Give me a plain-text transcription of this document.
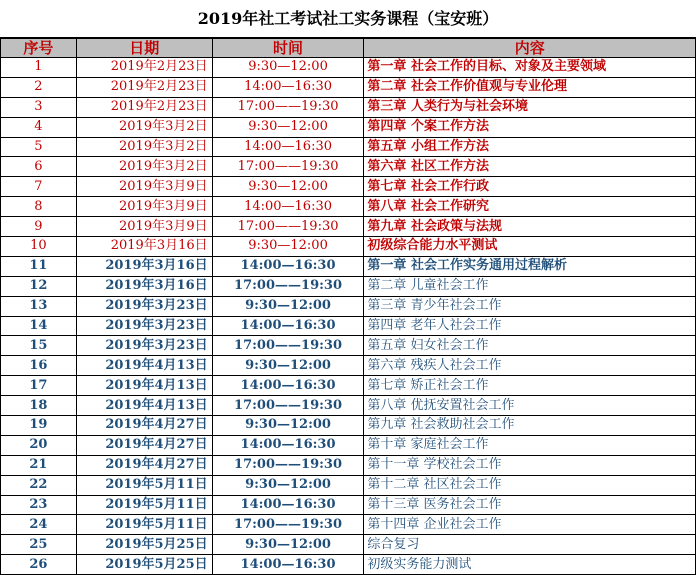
2019年社工考试社工实务课程（宝安班）
序号	日期	时间	内容
1	2019年2月23日	9:30—12:00	第一章 社会工作的目标、对象及主要领域
2	2019年2月23日	14:00—16:30	第二章 社会工作价值观与专业伦理
3	2019年2月23日	17:00——19:30	第三章 人类行为与社会环境
4	2019年3月2日	9:30—12:00	第四章 个案工作方法
5	2019年3月2日	14:00—16:30	第五章 小组工作方法
6	2019年3月2日	17:00——19:30	第六章 社区工作方法
7	2019年3月9日	9:30—12:00	第七章 社会工作行政
8	2019年3月9日	14:00—16:30	第八章 社会工作研究
9	2019年3月9日	17:00——19:30	第九章 社会政策与法规
10	2019年3月16日	9:30—12:00	初级综合能力水平测试
11	2019年3月16日	14:00—16:30	第一章 社会工作实务通用过程解析
12	2019年3月16日	17:00——19:30	第二章 儿童社会工作
13	2019年3月23日	9:30—12:00	第三章 青少年社会工作
14	2019年3月23日	14:00—16:30	第四章 老年人社会工作
15	2019年3月23日	17:00——19:30	第五章 妇女社会工作
16	2019年4月13日	9:30—12:00	第六章 残疾人社会工作
17	2019年4月13日	14:00—16:30	第七章 矫正社会工作
18	2019年4月13日	17:00——19:30	第八章 优抚安置社会工作
19	2019年4月27日	9:30—12:00	第九章 社会救助社会工作
20	2019年4月27日	14:00—16:30	第十章 家庭社会工作
21	2019年4月27日	17:00——19:30	第十一章 学校社会工作
22	2019年5月11日	9:30—12:00	第十二章 社区社会工作
23	2019年5月11日	14:00—16:30	第十三章 医务社会工作
24	2019年5月11日	17:00——19:30	第十四章 企业社会工作
25	2019年5月25日	9:30—12:00	综合复习
26	2019年5月25日	14:00—16:30	初级实务能力测试
